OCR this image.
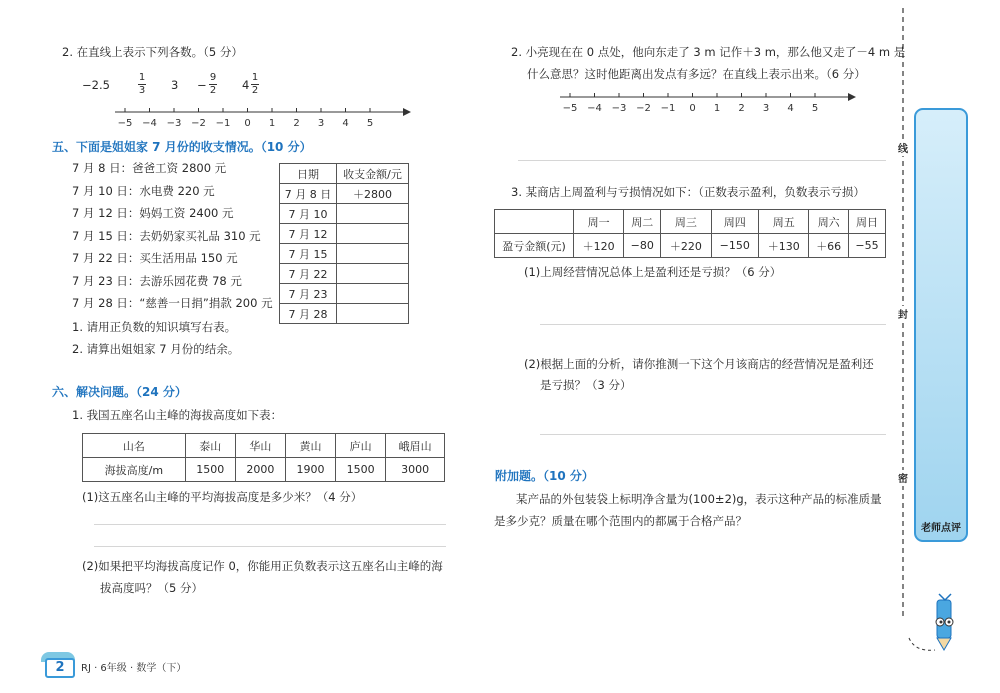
2. 在直线上表示下列各数。（5 分）
−2.5
1
3 3 −
9
2 4
1
2
−5 −4 −3 −2 −1 0 1 2 3 4 5
五、下面是姐姐家 7 月份的收支情况。（10 分）
7 月 8 日：爸爸工资 2800 元
7 月 10 日：水电费 220 元
7 月 12 日：妈妈工资 2400 元
7 月 15 日：去奶奶家买礼品 310 元
7 月 22 日：买生活用品 150 元
7 月 23 日：去游乐园花费 78 元
7 月 28 日：“慈善一日捐”捐款 200 元
日期	收支金额/元
7 月 8 日	＋2800
7 月 10	
7 月 12	
7 月 15	
7 月 22	
7 月 23	
7 月 28	
1. 请用正负数的知识填写右表。
2. 请算出姐姐家 7 月份的结余。
六、解决问题。（24 分）
1. 我国五座名山主峰的海拔高度如下表：
山名	泰山	华山	黄山	庐山	峨眉山
海拔高度/m	1500	2000	1900	1500	3000
(1)这五座名山主峰的平均海拔高度是多少米？（4 分）
(2)如果把平均海拔高度记作 0，你能用正负数表示这五座名山主峰的海
拔高度吗？（5 分）
2	RJ · 6年级 · 数学（下）
2. 小亮现在在 0 点处，他向东走了 3 m 记作＋3 m，那么他又走了－4 m 是
什么意思？这时他距离出发点有多远？在直线上表示出来。（6 分）
−5 −4 −3 −2 −1 0 1 2 3 4 5
3. 某商店上周盈利与亏损情况如下：（正数表示盈利，负数表示亏损）
	周一	周二	周三	周四	周五	周六	周日
盈亏金额(元)	＋120	−80	＋220	−150	＋130	＋66	−55
(1)上周经营情况总体上是盈利还是亏损？（6 分）
(2)根据上面的分析，请你推测一下这个月该商店的经营情况是盈利还
是亏损？（3 分）
附加题。（10 分）
某产品的外包装袋上标明净含量为(100±2)g，表示这种产品的标准质量
是多少克？质量在哪个范围内的都属于合格产品？
线
封
密
老师点评
